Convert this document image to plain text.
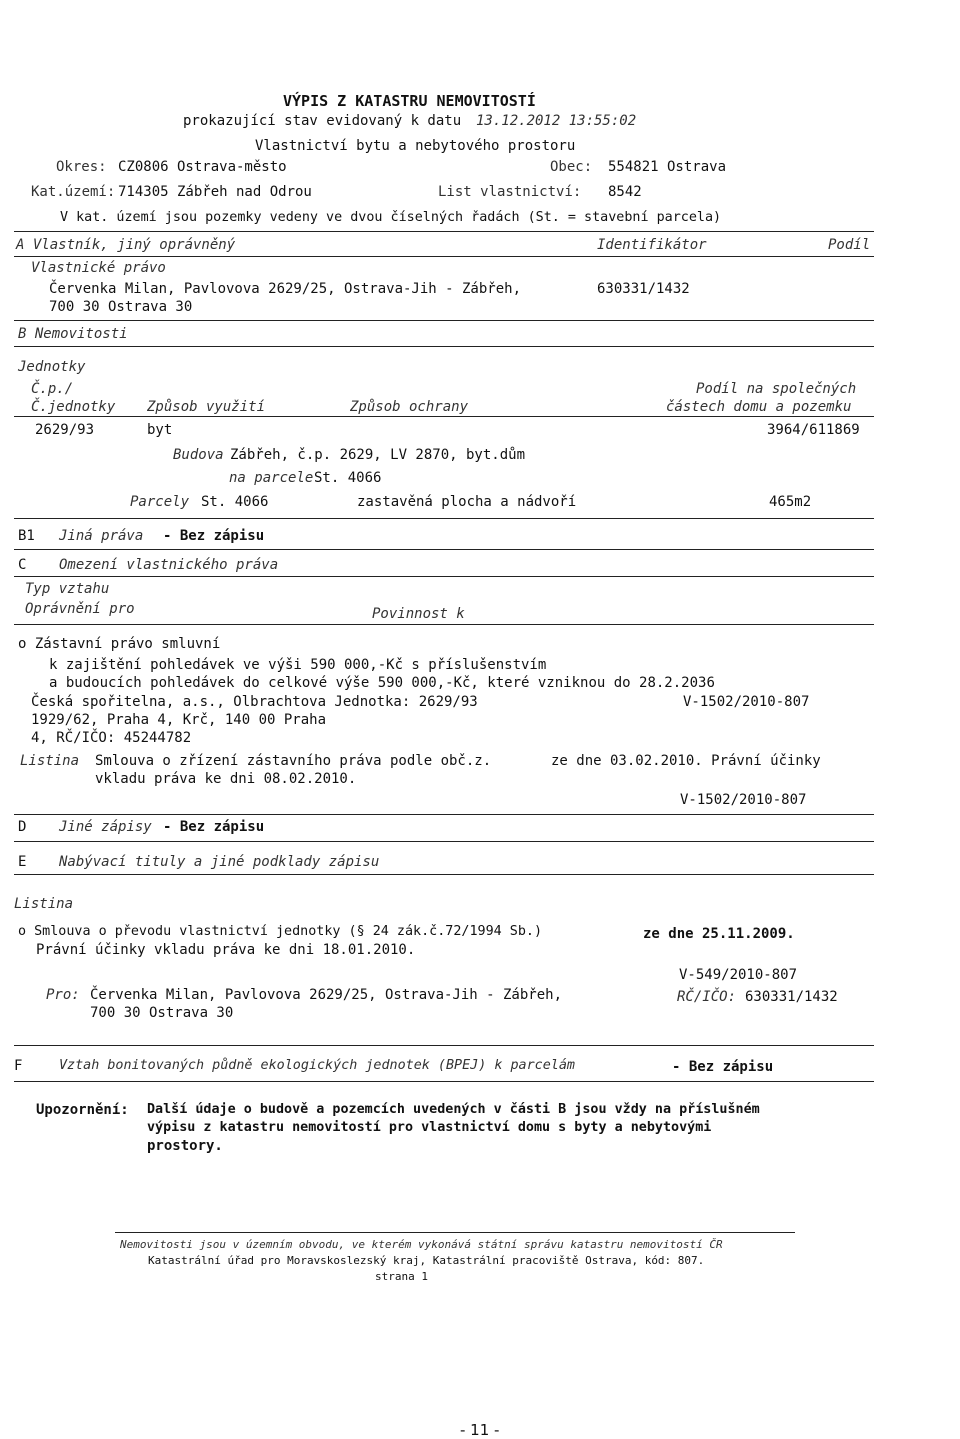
VÝPIS Z KATASTRU NEMOVITOSTÍ
prokazující stav evidovaný k datu 13.12.2012 13:55:02
Vlastnictví bytu a nebytového prostoru
Okres: CZ0806 Ostrava-město	Obec: 554821 Ostrava
Kat.území: 714305 Zábřeh nad Odrou	List vlastnictví: 8542
V kat. území jsou pozemky vedeny ve dvou číselných řadách (St. = stavební parcela)
A Vlastník, jiný oprávněný	Identifikátor	Podíl
Vlastnické právo
Červenka Milan, Pavlovova 2629/25, Ostrava-Jih - Zábřeh,	630331/1432
700 30 Ostrava 30
B Nemovitosti
Jednotky
Č.p./
Č.jednotky Způsob využití	Způsob ochrany
Podíl na společných
částech domu a pozemku
2629/93	byt	3964/611869
Budova Zábřeh, č.p. 2629, LV 2870, byt.dům
na parcele St. 4066
Parcely St. 4066	zastavěná plocha a nádvoří	465m2
B1 Jiná práva - Bez zápisu
C Omezení vlastnického práva
Typ vztahu
Oprávnění pro	Povinnost k
o Zástavní právo smluvní
k zajištění pohledávek ve výši 590 000,-Kč s příslušenstvím
a budoucích pohledávek do celkové výše 590 000,-Kč, které vzniknou do 28.2.2036
Česká spořitelna, a.s., Olbrachtova Jednotka: 2629/93	V-1502/2010-807
1929/62, Praha 4, Krč, 140 00 Praha
4, RČ/IČO: 45244782
Listina Smlouva o zřízení zástavního práva podle obč.z.	ze dne 03.02.2010. Právní účinky
vkladu práva ke dni 08.02.2010.
V-1502/2010-807
D Jiné zápisy - Bez zápisu
E Nabývací tituly a jiné podklady zápisu
Listina
o Smlouva o převodu vlastnictví jednotky (§ 24 zák.č.72/1994 Sb.)	ze dne 25.11.2009.
Právní účinky vkladu práva ke dni 18.01.2010.
V-549/2010-807
Pro: Červenka Milan, Pavlovova 2629/25, Ostrava-Jih - Zábřeh,	RČ/IČO: 630331/1432
700 30 Ostrava 30
F	Vztah bonitovaných půdně ekologických jednotek (BPEJ) k parcelám	- Bez zápisu
Upozornění: Další údaje o budově a pozemcích uvedených v části B jsou vždy na příslušném
výpisu z katastru nemovitostí pro vlastnictví domu s byty a nebytovými
prostory.
Nemovitosti jsou v územním obvodu, ve kterém vykonává státní správu katastru nemovitostí ČR
Katastrální úřad pro Moravskoslezský kraj, Katastrální pracoviště Ostrava, kód: 807.
strana 1
- 11 -
